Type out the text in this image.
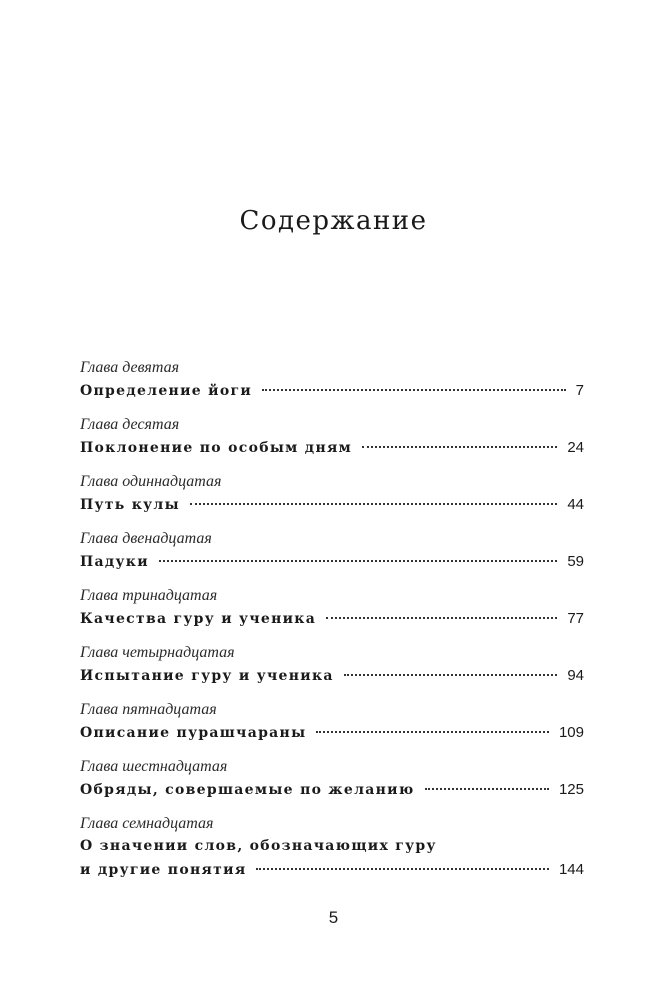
Содержание
Глава девятая
Определение йоги	7
Глава десятая
Поклонение по особым дням	24
Глава одиннадцатая
Путь кулы	44
Глава двенадцатая
Падуки	59
Глава тринадцатая
Качества гуру и ученика	77
Глава четырнадцатая
Испытание гуру и ученика	94
Глава пятнадцатая
Описание пурашчараны	109
Глава шестнадцатая
Обряды, совершаемые по желанию	125
Глава семнадцатая
О значении слов, обозначающих гуру
и другие понятия	144
5
